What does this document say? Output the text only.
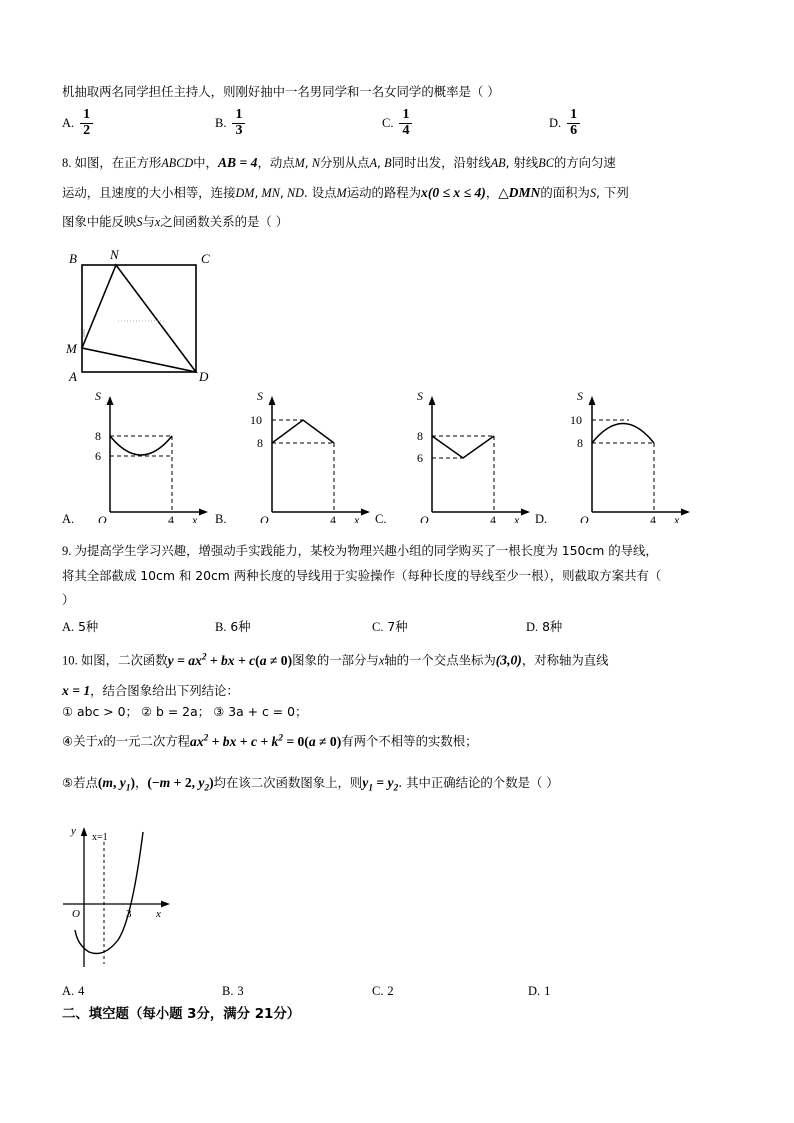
机抽取两名同学担任主持人，则刚好抽中一名男同学和一名女同学的概率是（ ）
A. $\frac{1}{2}$	B. $\frac{1}{3}$	C. $\frac{1}{4}$	D. $\frac{1}{6}$
8. 如图，在正方形ABCD中，AB = 4，动点M, N分别从点A, B同时出发，沿射线AB, 射线BC的方向匀速
运动，且速度的大小相等，连接DM, MN, ND. 设点M运动的路程为x(0 ≤ x ≤ 4)，△DMN的面积为S, 下列
图象中能反映S与x之间函数关系的是（ ）
B	N	C
M
A	D
S
8
6
O	4 x
A.
S
10
8
O	4 x
B.
S
8
6
O	4 x
C.
S
10
8
O	4 x
D.
9. 为提高学生学习兴趣，增强动手实践能力，某校为物理兴趣小组的同学购买了一根长度为 150cm 的导线，
将其全部截成 10cm 和 20cm 两种长度的导线用于实验操作（每种长度的导线至少一根），则截取方案共有（
）
A. 5种	B. 6种	C. 7种	D. 8种
10. 如图，二次函数$y = ax^2$ + bx + c(a ≠ 0)图象的一部分与x轴的一个交点坐标为(3,0)，对称轴为直线
x = 1，结合图象给出下列结论：
① abc > 0； ② b = 2a； ③ 3a + c = 0；
④关于x的一元二次方程$ax^2$ + bx + $c + k^2 = 0(a \ne 0)$有两个不相等的实数根；
⑤若点(m, $y_1$)，(−m + 2, $y_2$)均在该二次函数图象上，则$y_1 = y_2$. 其中正确结论的个数是（ ）
y
x=1
O	3 x
A. 4	B. 3	C. 2	D. 1
二、填空题（每小题 3分，满分 21分）
